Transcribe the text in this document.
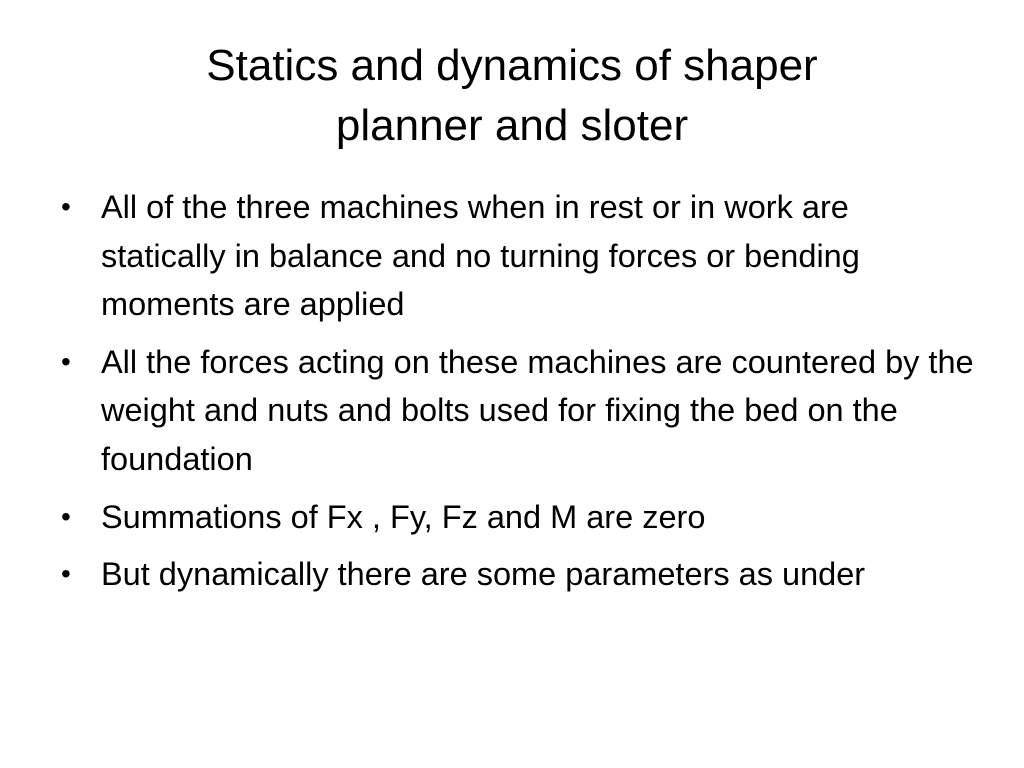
Statics and dynamics of shaper
planner and sloter
• All of the three machines when in rest or in work are statically in balance and no turning forces or bending moments are applied
• All the forces acting on these machines are countered by the weight and nuts and bolts used for fixing the bed on the foundation
• Summations of Fx , Fy, Fz and M are zero
• But dynamically there are some parameters as under
